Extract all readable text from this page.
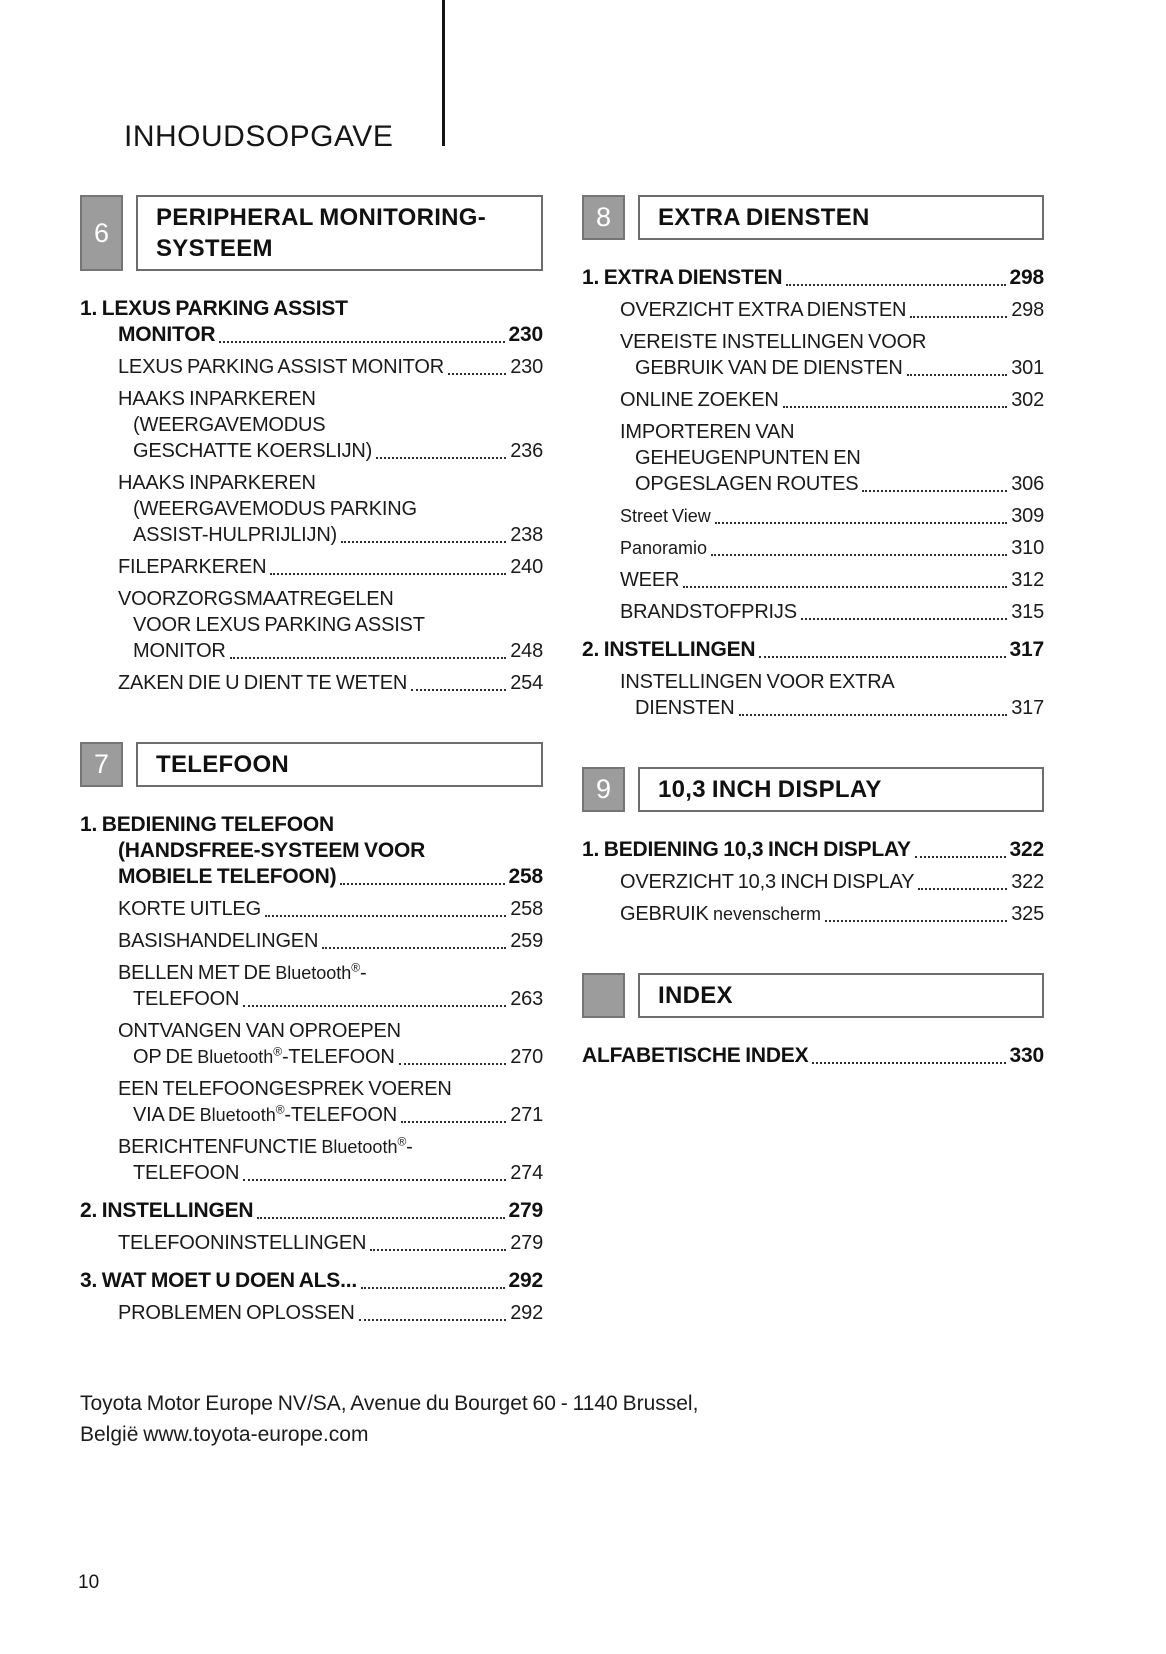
INHOUDSOPGAVE
6	PERIPHERAL MONITORING-
SYSTEEM
1. LEXUS PARKING ASSIST
MONITOR	230
LEXUS PARKING ASSIST MONITOR	230
HAAKS INPARKEREN
(WEERGAVEMODUS
GESCHATTE KOERSLIJN)	236
HAAKS INPARKEREN
(WEERGAVEMODUS PARKING
ASSIST-HULPRIJLIJN)	238
FILEPARKEREN	240
VOORZORGSMAATREGELEN
VOOR LEXUS PARKING ASSIST
MONITOR	248
ZAKEN DIE U DIENT TE WETEN	254
7	TELEFOON
1. BEDIENING TELEFOON
(HANDSFREE-SYSTEEM VOOR
MOBIELE TELEFOON)	258
KORTE UITLEG	258
BASISHANDELINGEN	259
BELLEN MET DE Bluetooth®-
TELEFOON	263
ONTVANGEN VAN OPROEPEN
OP DE Bluetooth®-TELEFOON	270
EEN TELEFOONGESPREK VOEREN
VIA DE Bluetooth®-TELEFOON	271
BERICHTENFUNCTIE Bluetooth®-
TELEFOON	274
2. INSTELLINGEN	279
TELEFOONINSTELLINGEN	279
3. WAT MOET U DOEN ALS...	292
PROBLEMEN OPLOSSEN	292
8	EXTRA DIENSTEN
1. EXTRA DIENSTEN	298
OVERZICHT EXTRA DIENSTEN	298
VEREISTE INSTELLINGEN VOOR
GEBRUIK VAN DE DIENSTEN	301
ONLINE ZOEKEN	302
IMPORTEREN VAN
GEHEUGENPUNTEN EN
OPGESLAGEN ROUTES	306
Street View	309
Panoramio	310
WEER	312
BRANDSTOFPRIJS	315
2. INSTELLINGEN	317
INSTELLINGEN VOOR EXTRA
DIENSTEN	317
9	10,3 INCH DISPLAY
1. BEDIENING 10,3 INCH DISPLAY	322
OVERZICHT 10,3 INCH DISPLAY	322
GEBRUIK nevenscherm	325
INDEX
ALFABETISCHE INDEX	330
Toyota Motor Europe NV/SA, Avenue du Bourget 60 - 1140 Brussel,
België www.toyota-europe.com
10
